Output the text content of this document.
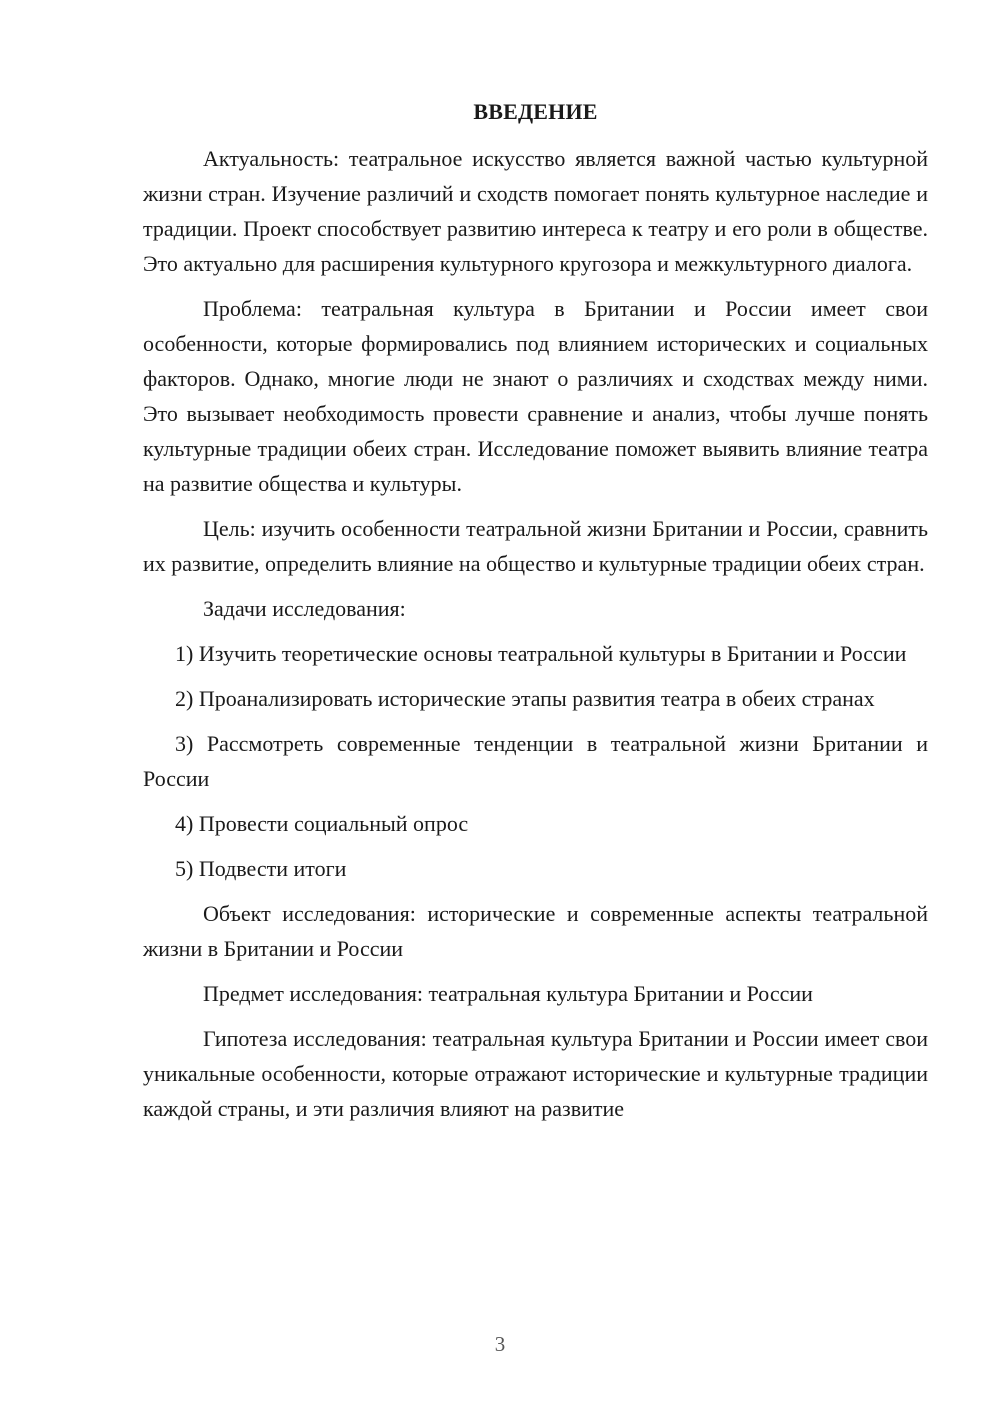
ВВЕДЕНИЕ

Актуальность: театральное искусство является важной частью культурной жизни стран. Изучение различий и сходств помогает понять культурное наследие и традиции. Проект способствует развитию интереса к театру и его роли в обществе. Это актуально для расширения культурного кругозора и межкультурного диалога.

Проблема: театральная культура в Британии и России имеет свои особенности, которые формировались под влиянием исторических и социальных факторов. Однако, многие люди не знают о различиях и сходствах между ними. Это вызывает необходимость провести сравнение и анализ, чтобы лучше понять культурные традиции обеих стран. Исследование поможет выявить влияние театра на развитие общества и культуры.

Цель: изучить особенности театральной жизни Британии и России, сравнить их развитие, определить влияние на общество и культурные традиции обеих стран.

Задачи исследования:

1) Изучить теоретические основы театральной культуры в Британии и России

2) Проанализировать исторические этапы развития театра в обеих странах

3) Рассмотреть современные тенденции в театральной жизни Британии и России

4) Провести социальный опрос

5) Подвести итоги

Объект исследования: исторические и современные аспекты театральной жизни в Британии и России

Предмет исследования: театральная культура Британии и России

Гипотеза исследования: театральная культура Британии и России имеет свои уникальные особенности, которые отражают исторические и культурные традиции каждой страны, и эти различия влияют на развитие

3
